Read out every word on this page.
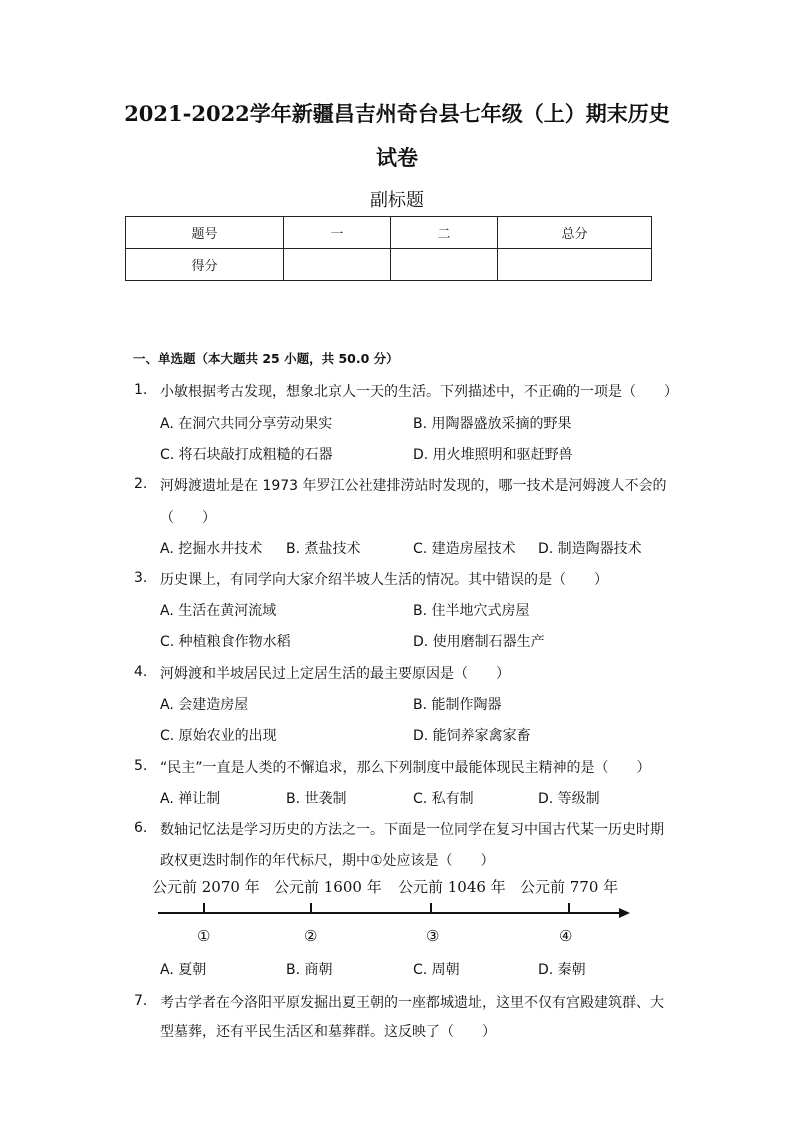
2021-2022学年新疆昌吉州奇台县七年级（上）期末历史
试卷
副标题
题号	一	二	总分
得分			
一、单选题（本大题共 25 小题，共 50.0 分）
1. 小敏根据考古发现，想象北京人一天的生活。下列描述中，不正确的一项是（　　）
A. 在洞穴共同分享劳动果实	B. 用陶器盛放采摘的野果
C. 将石块敲打成粗糙的石器	D. 用火堆照明和驱赶野兽
2. 河姆渡遗址是在 1973 年罗江公社建排涝站时发现的，哪一技术是河姆渡人不会的
（　　）
A. 挖掘水井技术 B. 煮盐技术	C. 建造房屋技术 D. 制造陶器技术
3. 历史课上，有同学向大家介绍半坡人生活的情况。其中错误的是（　　）
A. 生活在黄河流域	B. 住半地穴式房屋
C. 种植粮食作物水稻	D. 使用磨制石器生产
4. 河姆渡和半坡居民过上定居生活的最主要原因是（　　）
A. 会建造房屋	B. 能制作陶器
C. 原始农业的出现	D. 能饲养家禽家畜
5. “民主”一直是人类的不懈追求，那么下列制度中最能体现民主精神的是（　　）
A. 禅让制	B. 世袭制	C. 私有制	D. 等级制
6. 数轴记忆法是学习历史的方法之一。下面是一位同学在复习中国古代某一历史时期
政权更迭时制作的年代标尺，期中①处应该是（　　）
公元前 2070 年 公元前 1600 年 公元前 1046 年 公元前 770 年
①	②	③	④
A. 夏朝	B. 商朝	C. 周朝	D. 秦朝
7. 考古学者在今洛阳平原发掘出夏王朝的一座都城遗址，这里不仅有宫殿建筑群、大
型墓葬，还有平民生活区和墓葬群。这反映了（　　）
